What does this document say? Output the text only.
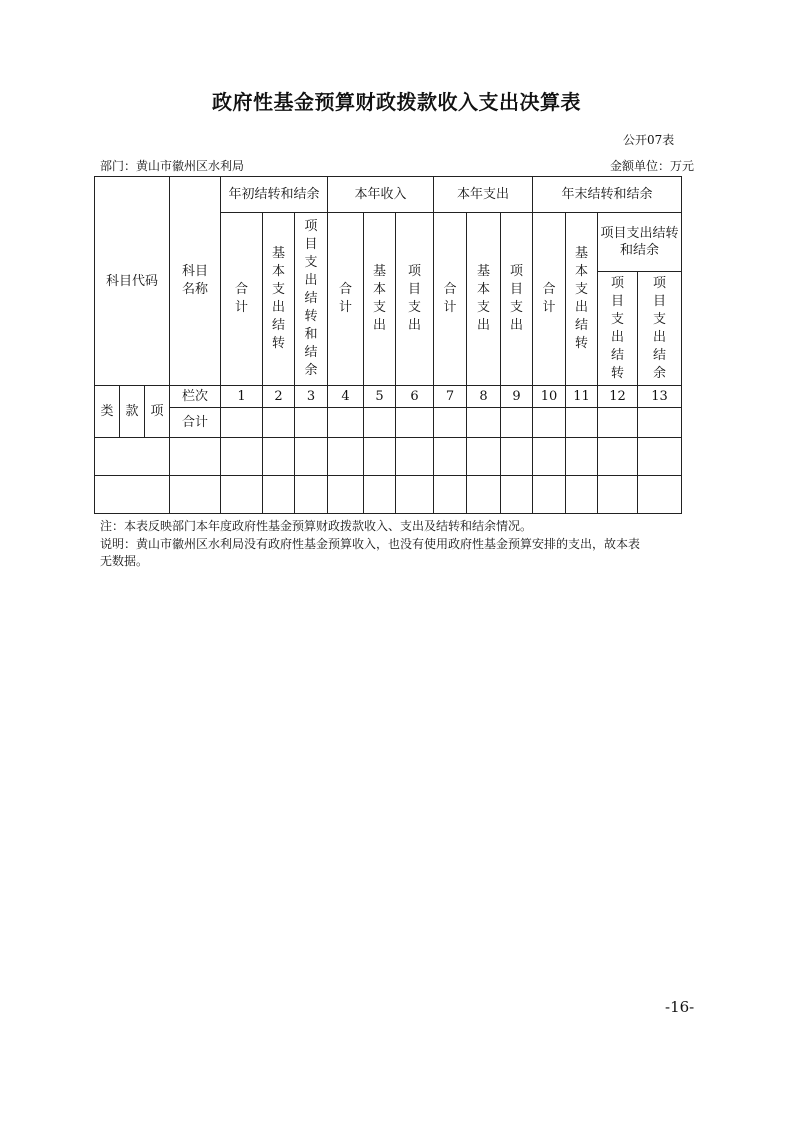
政府性基金预算财政拨款收入支出决算表
公开07表
部门：黄山市徽州区水利局	金额单位：万元
科目代码			科目名称	年初结转和结余			本年收入			本年支出			年末结转和结余			
				合计	基本支出结转	项目支出结转和结余	合计	基本支出	项目支出	合计	基本支出	项目支出	合计	基本支出结转	项目支出结转和结余	
															项目支出结转	项目支出结余
类	款	项	栏次	1	2	3	4	5	6	7	8	9	10	11	12	13
			合计													

注：本表反映部门本年度政府性基金预算财政拨款收入、支出及结转和结余情况。
说明：黄山市徽州区水利局没有政府性基金预算收入，也没有使用政府性基金预算安排的支出，故本表
无数据。
-16-
